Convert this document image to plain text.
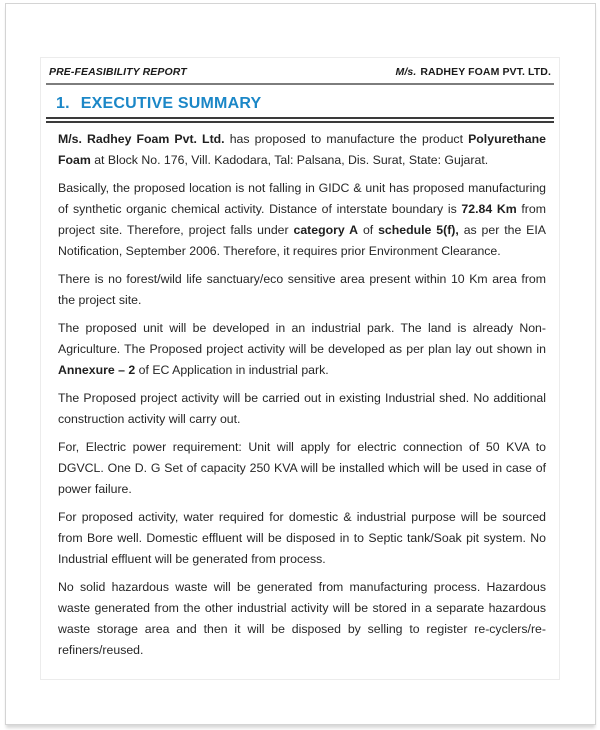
PRE-FEASIBILITY REPORT	M/s. RADHEY FOAM PVT. LTD.
1. EXECUTIVE SUMMARY

M/s. Radhey Foam Pvt. Ltd. has proposed to manufacture the product Polyurethane Foam at Block No. 176, Vill. Kadodara, Tal: Palsana, Dis. Surat, State: Gujarat.

Basically, the proposed location is not falling in GIDC & unit has proposed manufacturing of synthetic organic chemical activity. Distance of interstate boundary is 72.84 Km from project site. Therefore, project falls under category A of schedule 5(f), as per the EIA Notification, September 2006. Therefore, it requires prior Environment Clearance.

There is no forest/wild life sanctuary/eco sensitive area present within 10 Km area from the project site.

The proposed unit will be developed in an industrial park. The land is already Non-Agriculture. The Proposed project activity will be developed as per plan lay out shown in Annexure – 2 of EC Application in industrial park.

The Proposed project activity will be carried out in existing Industrial shed. No additional construction activity will carry out.

For, Electric power requirement: Unit will apply for electric connection of 50 KVA to DGVCL. One D. G Set of capacity 250 KVA will be installed which will be used in case of power failure.

For proposed activity, water required for domestic & industrial purpose will be sourced from Bore well. Domestic effluent will be disposed in to Septic tank/Soak pit system. No Industrial effluent will be generated from process.

No solid hazardous waste will be generated from manufacturing process. Hazardous waste generated from the other industrial activity will be stored in a separate hazardous waste storage area and then it will be disposed by selling to register re-cyclers/re-refiners/reused.
